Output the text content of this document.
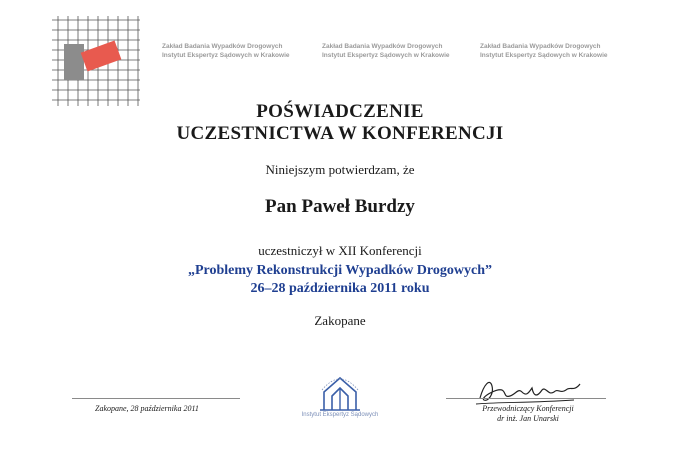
Zakład Badania Wypadków Drogowych
Instytut Ekspertyz Sądowych w Krakowie
Zakład Badania Wypadków Drogowych
Instytut Ekspertyz Sądowych w Krakowie
Zakład Badania Wypadków Drogowych
Instytut Ekspertyz Sądowych w Krakowie
POŚWIADCZENIE
UCZESTNICTWA W KONFERENCJI
Niniejszym potwierdzam, że
Pan Paweł Burdzy
uczestniczył w XII Konferencji
„Problemy Rekonstrukcji Wypadków Drogowych”
26–28 października 2011 roku
Zakopane
Zakopane, 28 października 2011
Instytut Ekspertyz Sądowych
Przewodniczący Konferencji
dr inż. Jan Unarski
